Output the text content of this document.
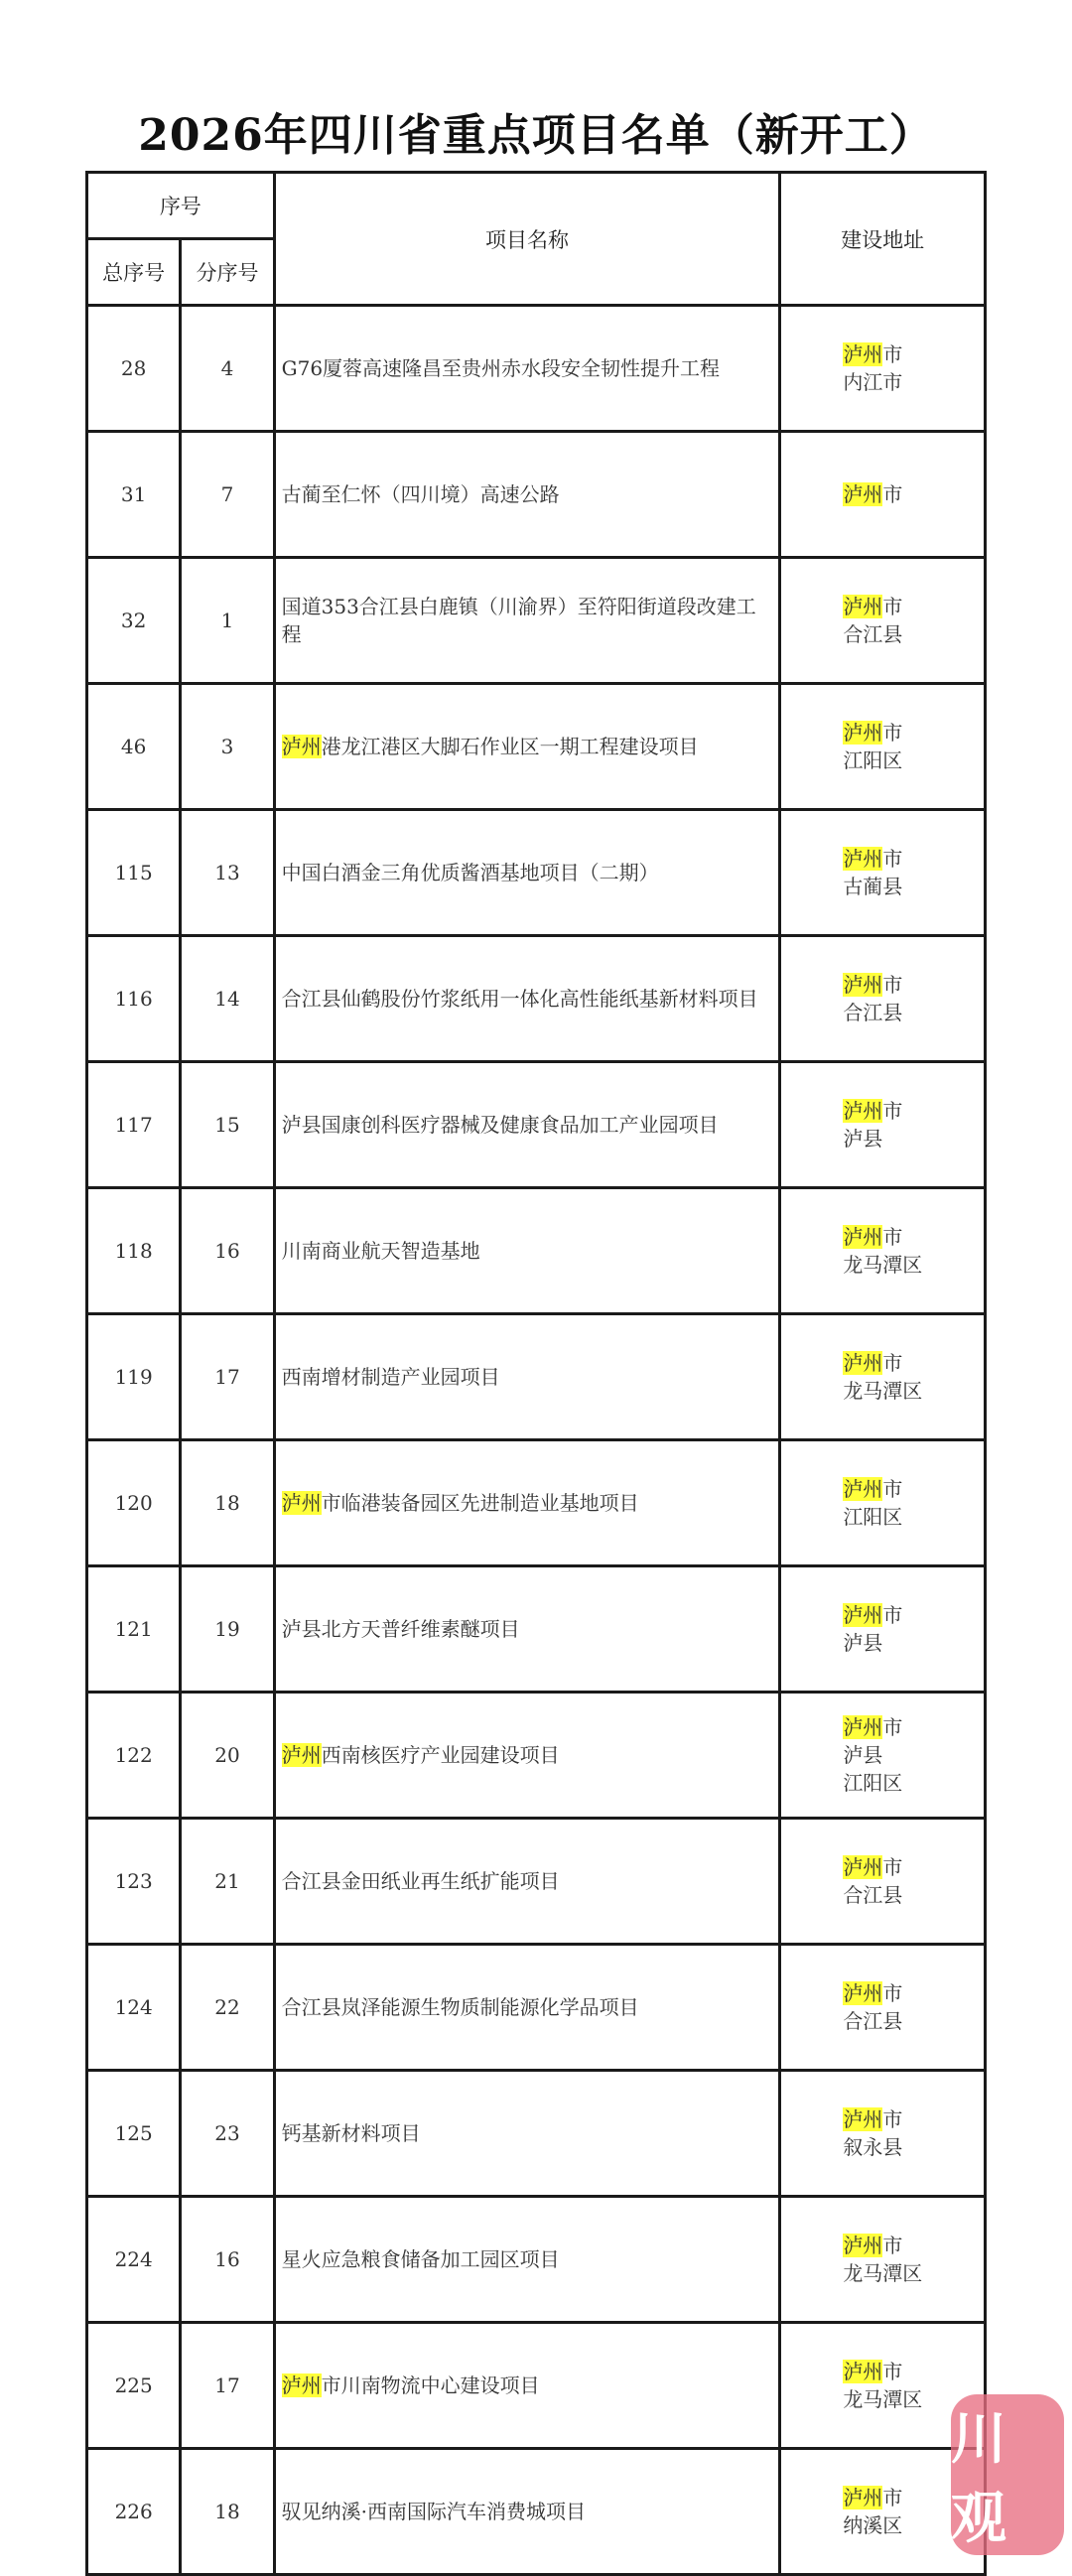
2026年四川省重点项目名单（新开工）
序号		项目名称	建设地址
总序号	分序号		
28	4	G76厦蓉高速隆昌至贵州赤水段安全韧性提升工程	泸州市
内江市

31	7	古蔺至仁怀（四川境）高速公路	泸州市

32	1	国道353合江县白鹿镇（川渝界）至符阳街道段改建工程	泸州市
合江县

46	3	泸州港龙江港区大脚石作业区一期工程建设项目	泸州市
江阳区

115	13	中国白酒金三角优质酱酒基地项目（二期）	泸州市
古蔺县

116	14	合江县仙鹤股份竹浆纸用一体化高性能纸基新材料项目	泸州市
合江县

117	15	泸县国康创科医疗器械及健康食品加工产业园项目	泸州市
泸县

118	16	川南商业航天智造基地	泸州市
龙马潭区

119	17	西南增材制造产业园项目	泸州市
龙马潭区

120	18	泸州市临港装备园区先进制造业基地项目	泸州市
江阳区

121	19	泸县北方天普纤维素醚项目	泸州市
泸县

122	20	泸州西南核医疗产业园建设项目	泸州市
泸县
江阳区

123	21	合江县金田纸业再生纸扩能项目	泸州市
合江县

124	22	合江县岚泽能源生物质制能源化学品项目	泸州市
合江县

125	23	钙基新材料项目	泸州市
叙永县

224	16	星火应急粮食储备加工园区项目	泸州市
龙马潭区

225	17	泸州市川南物流中心建设项目	泸州市
龙马潭区

226	18	驭见纳溪·西南国际汽车消费城项目	泸州市
纳溪区
川观
